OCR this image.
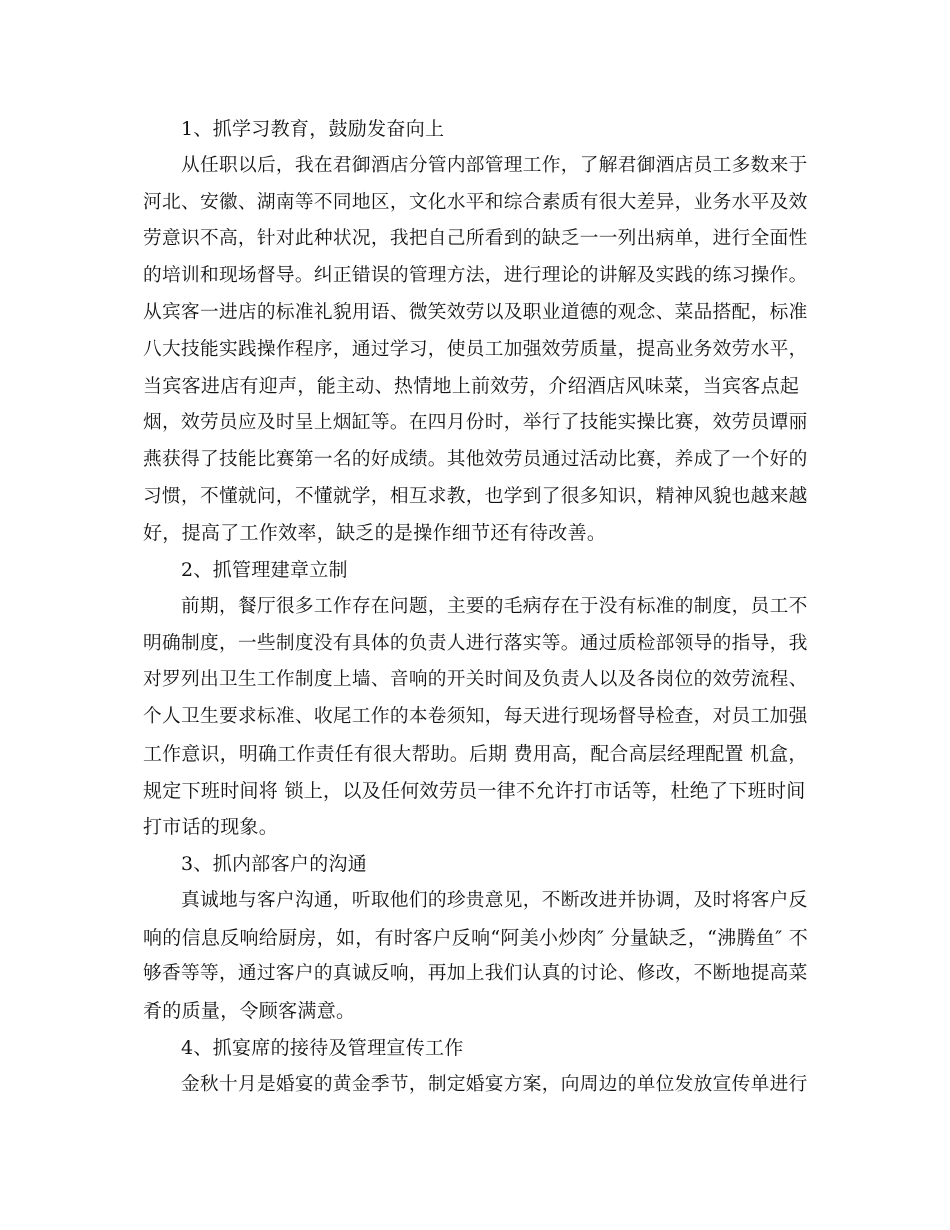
1、抓学习教育，鼓励发奋向上
从任职以后，我在君御酒店分管内部管理工作，了解君御酒店员工多数来于
河北、安徽、湖南等不同地区，文化水平和综合素质有很大差异，业务水平及效
劳意识不高，针对此种状况，我把自己所看到的缺乏一一列出病单，进行全面性
的培训和现场督导。纠正错误的管理方法，进行理论的讲解及实践的练习操作。
从宾客一进店的标准礼貌用语、微笑效劳以及职业道德的观念、菜品搭配，标准
八大技能实践操作程序，通过学习，使员工加强效劳质量，提高业务效劳水平，
当宾客进店有迎声，能主动、热情地上前效劳，介绍酒店风味菜，当宾客点起
烟，效劳员应及时呈上烟缸等。在四月份时，举行了技能实操比赛，效劳员谭丽
燕获得了技能比赛第一名的好成绩。其他效劳员通过活动比赛，养成了一个好的
习惯，不懂就问，不懂就学，相互求教，也学到了很多知识，精神风貌也越来越
好，提高了工作效率，缺乏的是操作细节还有待改善。
2、抓管理建章立制
前期，餐厅很多工作存在问题，主要的毛病存在于没有标准的制度，员工不
明确制度，一些制度没有具体的负责人进行落实等。通过质检部领导的指导，我
对罗列出卫生工作制度上墙、音响的开关时间及负责人以及各岗位的效劳流程、
个人卫生要求标准、收尾工作的本卷须知，每天进行现场督导检查，对员工加强
工作意识，明确工作责任有很大帮助。后期 费用高，配合高层经理配置 机盒，
规定下班时间将 锁上，以及任何效劳员一律不允许打市话等，杜绝了下班时间
打市话的现象。
3、抓内部客户的沟通
真诚地与客户沟通，听取他们的珍贵意见，不断改进并协调，及时将客户反
响的信息反响给厨房，如，有时客户反响“阿美小炒肉″ 分量缺乏，“沸腾鱼″ 不
够香等等，通过客户的真诚反响，再加上我们认真的讨论、修改，不断地提高菜
肴的质量，令顾客满意。
4、抓宴席的接待及管理宣传工作
金秋十月是婚宴的黄金季节，制定婚宴方案，向周边的单位发放宣传单进行
